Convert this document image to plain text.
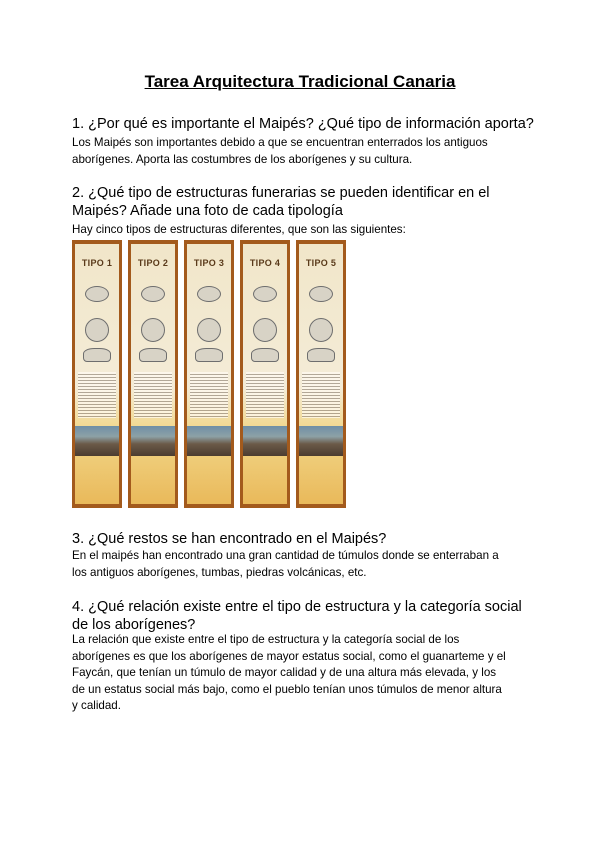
Tarea Arquitectura Tradicional Canaria
1. ¿Por qué es importante el Maipés? ¿Qué tipo de información aporta?
Los Maipés son importantes debido a que se encuentran enterrados los antiguos
aborígenes. Aporta las costumbres de los aborígenes y su cultura.
2. ¿Qué tipo de estructuras funerarias se pueden identificar en el
Maipés? Añade una foto de cada tipología
Hay cinco tipos de estructuras diferentes, que son las siguientes:
TIPO 1	TIPO 2	TIPO 3	TIPO 4	TIPO 5
3. ¿Qué restos se han encontrado en el Maipés?
En el maipés han encontrado una gran cantidad de túmulos donde se enterraban a
los antiguos aborígenes, tumbas, piedras volcánicas, etc.
4. ¿Qué relación existe entre el tipo de estructura y la categoría social
de los aborígenes?
La relación que existe entre el tipo de estructura y la categoría social de los
aborígenes es que los aborígenes de mayor estatus social, como el guanarteme y el
Faycán, que tenían un túmulo de mayor calidad y de una altura más elevada, y los
de un estatus social más bajo, como el pueblo tenían unos túmulos de menor altura
y calidad.
